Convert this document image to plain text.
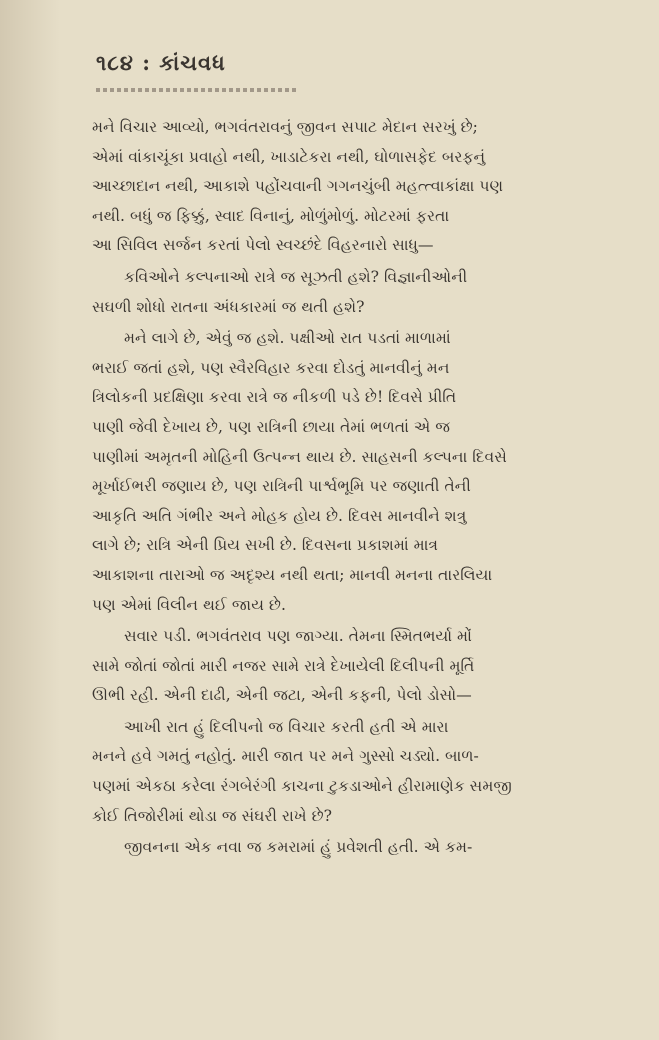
૧૮૪ : કાંચવધ
મને વિચાર આવ્યો, ભગવંતરાવનું જીવન સપાટ મેદાન સરખું છે;
એમાં વાંકાચૂંકા પ્રવાહો નથી, ખાડાટેકરા નથી, ઘોળાસફેદ બરફનું
આચ્છાદાન નથી, આકાશે પહોંચવાની ગગનચુંબી મહત્ત્વાકાંક્ષા પણ
નથી. બધું જ ફિક્કું, સ્વાદ વિનાનું, મોળુંમોળું. મોટરમાં ફરતા
આ સિવિલ સર્જન કરતાં પેલો સ્વચ્છંદે વિહરનારો સાધુ—
કવિઓને કલ્પનાઓ રાત્રે જ સૂઝતી હશે? વિજ્ઞાનીઓની
સઘળી શોધો રાતના અંધકારમાં જ થતી હશે?
મને લાગે છે, એવું જ હશે. પક્ષીઓ રાત પડતાં માળામાં
ભરાઈ જતાં હશે, પણ સ્વૈરવિહાર કરવા દોડતું માનવીનું મન
ત્રિલોકની પ્રદક્ષિણા કરવા રાત્રે જ નીકળી પડે છે! દિવસે પ્રીતિ
પાણી જેવી દેખાય છે, પણ રાત્રિની છાયા તેમાં ભળતાં એ જ
પાણીમાં અમૃતની મોહિની ઉત્પન્ન થાય છે. સાહસની કલ્પના દિવસે
મૂર્ખાઈભરી જણાય છે, પણ રાત્રિની પાર્શ્વભૂમિ પર જણાતી તેની
આકૃતિ અતિ ગંભીર અને મોહક હોય છે. દિવસ માનવીને શત્રુ
લાગે છે; રાત્રિ એની પ્રિય સખી છે. દિવસના પ્રકાશમાં માત્ર
આકાશના તારાઓ જ અદૃશ્ય નથી થતા; માનવી મનના તારલિયા
પણ એમાં વિલીન થઈ જાય છે.
સવાર પડી. ભગવંતરાવ પણ જાગ્યા. તેમના સ્મિતભર્યા મોં
સામે જોતાં જોતાં મારી નજર સામે રાત્રે દેખાયેલી દિલીપની મૂર્તિ
ઊભી રહી. એની દાઢી, એની જટા, એની કફની, પેલો ડોસો—
આખી રાત હું દિલીપનો જ વિચાર કરતી હતી એ મારા
મનને હવે ગમતું નહોતું. મારી જાત પર મને ગુસ્સો ચડ્યો. બાળ-
પણમાં એકઠા કરેલા રંગબેરંગી કાચના ટુકડાઓને હીરામાણેક સમજી
કોઈ તિજોરીમાં થોડા જ સંઘરી રાખે છે?
જીવનના એક નવા જ કમરામાં હું પ્રવેશતી હતી. એ કમ-
